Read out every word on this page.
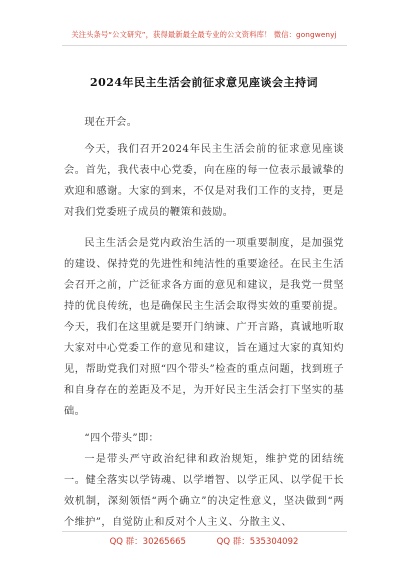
关注头条号“公文研究”，获得最新最全最专业的公文资料库！ 微信：gongwenyj
2024年民主生活会前征求意见座谈会主持词

现在开会。

今天，我们召开2024年民主生活会前的征求意见座谈会。首先，我代表中心党委，向在座的每一位表示最诚挚的欢迎和感谢。大家的到来，不仅是对我们工作的支持，更是对我们党委班子成员的鞭策和鼓励。

民主生活会是党内政治生活的一项重要制度，是加强党的建设、保持党的先进性和纯洁性的重要途径。在民主生活会召开之前，广泛征求各方面的意见和建议，是我党一贯坚持的优良传统，也是确保民主生活会取得实效的重要前提。今天，我们在这里就是要开门纳谏、广开言路，真诚地听取大家对中心党委工作的意见和建议，旨在通过大家的真知灼见，帮助党我们对照“四个带头”检查的重点问题，找到班子和自身存在的差距及不足，为开好民主生活会打下坚实的基础。

“四个带头”即：

一是带头严守政治纪律和政治规矩，维护党的团结统一。健全落实以学铸魂、以学增智、以学正风、以学促干长效机制，深刻领悟“两个确立”的决定性意义，坚决做到“两个维护”，自觉防止和反对个人主义、分散主义、

QQ 群：30265665	QQ 群：535304092
